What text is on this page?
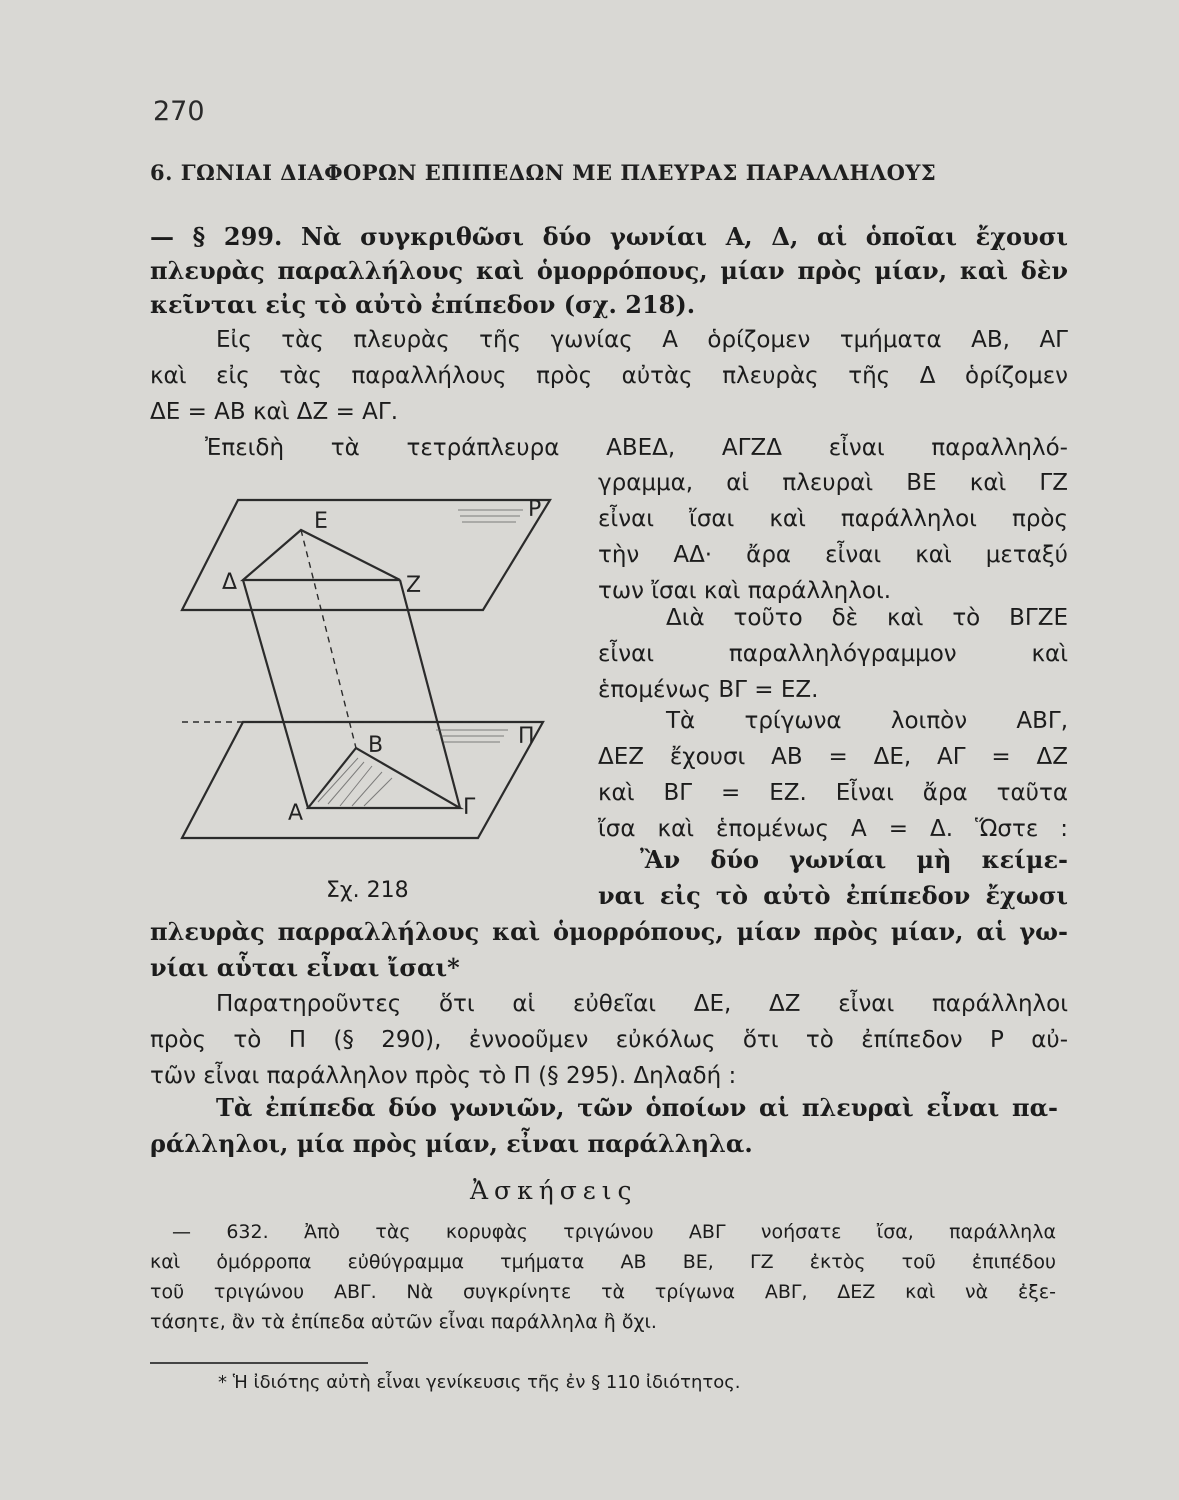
270
6. ΓΩΝΙΑΙ ΔΙΑΦΟΡΩΝ ΕΠΙΠΕΔΩΝ ΜΕ ΠΛΕΥΡΑΣ ΠΑΡΑΛΛΗΛΟΥΣ

— § 299. Νὰ συγκριθῶσι δύο γωνίαι Α, Δ, αἱ ὁποῖαι ἔχουσι
πλευρὰς παραλλήλους καὶ ὁμορρόπους, μίαν πρὸς μίαν, καὶ δὲν
κεῖνται εἰς τὸ αὐτὸ ἐπίπεδον (σχ. 218).

Εἰς τὰς πλευρὰς τῆς γωνίας Α ὁρίζομεν τμήματα ΑΒ, ΑΓ
καὶ εἰς τὰς παραλλήλους πρὸς αὐτὰς πλευρὰς τῆς Δ ὁρίζομεν
ΔΕ = ΑΒ καὶ ΔΖ = ΑΓ.

Ἐπειδὴ τὰ τετράπλευρα ΑΒΕΔ, ΑΓΖΔ εἶναι παραλληλό-

γραμμα, αἱ πλευραὶ ΒΕ καὶ ΓΖ
εἶναι ἴσαι καὶ παράλληλοι πρὸς
τὴν ΑΔ· ἄρα εἶναι καὶ μεταξύ
των ἴσαι καὶ παράλληλοι.

Διὰ τοῦτο δὲ καὶ τὸ ΒΓΖΕ
εἶναι παραλληλόγραμμον καὶ
ἑπομένως ΒΓ = ΕΖ.

Τὰ τρίγωνα λοιπὸν ΑΒΓ,
ΔΕΖ ἔχουσι ΑΒ = ΔΕ, ΑΓ = ΔΖ
καὶ ΒΓ = ΕΖ. Εἶναι ἄρα ταῦτα
ἴσα καὶ ἑπομένως Α = Δ. Ὥστε :

Ἂν δύο γωνίαι μὴ κείμε-
ναι εἰς τὸ αὐτὸ ἐπίπεδον ἔχωσι

πλευρὰς παρραλλήλους καὶ ὁμορρόπους, μίαν πρὸς μίαν, αἱ γω-
νίαι αὗται εἶναι ἴσαι*

Ε	Ρ
Δ	Ζ
Β	Π
Α	Γ
Σχ. 218

Παρατηροῦντες ὅτι αἱ εὐθεῖαι ΔΕ, ΔΖ εἶναι παράλληλοι
πρὸς τὸ Π (§ 290), ἐννοοῦμεν εὐκόλως ὅτι τὸ ἐπίπεδον Ρ αὐ-
τῶν εἶναι παράλληλον πρὸς τὸ Π (§ 295). Δηλαδή :

Τὰ ἐπίπεδα δύο γωνιῶν, τῶν ὁποίων αἱ πλευραὶ εἶναι πα-
ράλληλοι, μία πρὸς μίαν, εἶναι παράλληλα.

Ἀσκήσεις

— 632. Ἀπὸ τὰς κορυφὰς τριγώνου ΑΒΓ νοήσατε ἴσα, παράλληλα
καὶ ὁμόρροπα εὐθύγραμμα τμήματα ΑΒ ΒΕ, ΓΖ ἐκτὸς τοῦ ἐπιπέδου
τοῦ τριγώνου ΑΒΓ. Νὰ συγκρίνητε τὰ τρίγωνα ΑΒΓ, ΔΕΖ καὶ νὰ ἐξε-
τάσητε, ἂν τὰ ἐπίπεδα αὐτῶν εἶναι παράλληλα ἢ ὄχι.

* Ἡ ἰδιότης αὐτὴ εἶναι γενίκευσις τῆς ἐν § 110 ἰδιότητος.
